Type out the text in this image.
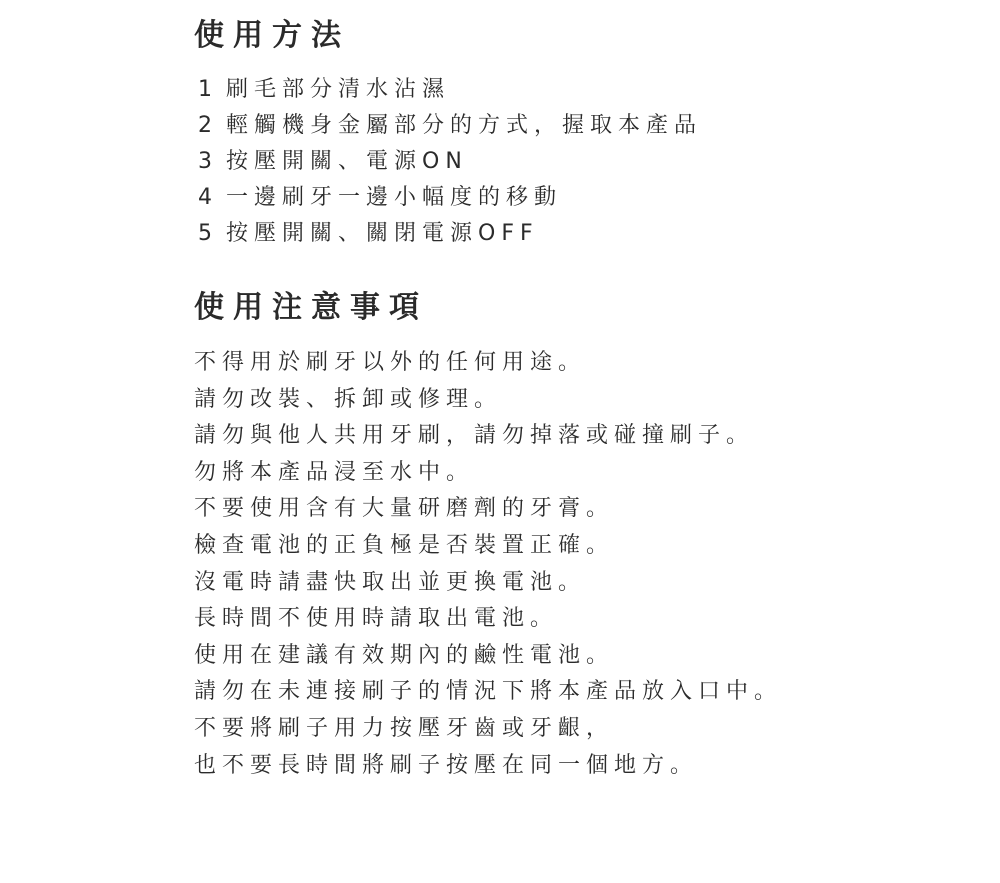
使用方法
1 刷毛部分清水沾濕
2 輕觸機身金屬部分的方式，握取本產品
3 按壓開關、電源ON
4 一邊刷牙一邊小幅度的移動
5 按壓開關、關閉電源OFF
使用注意事項
不得用於刷牙以外的任何用途。
請勿改裝、拆卸或修理。
請勿與他人共用牙刷，請勿掉落或碰撞刷子。
勿將本產品浸至水中。
不要使用含有大量研磨劑的牙膏。
檢查電池的正負極是否裝置正確。
沒電時請盡快取出並更換電池。
長時間不使用時請取出電池。
使用在建議有效期內的鹼性電池。
請勿在未連接刷子的情況下將本產品放入口中。
不要將刷子用力按壓牙齒或牙齦，
也不要長時間將刷子按壓在同一個地方。
